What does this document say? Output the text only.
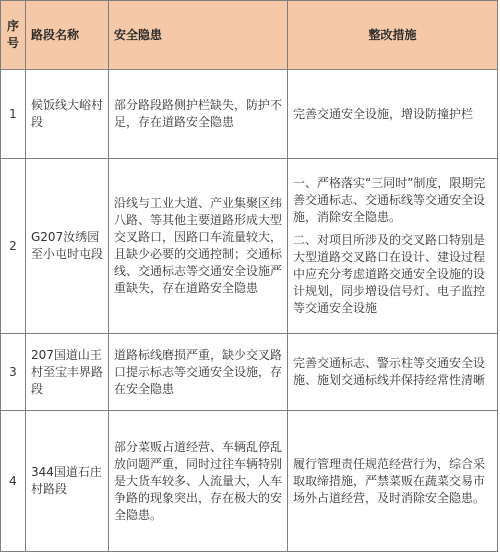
序号	路段名称	安全隐患	整改措施
1	候饭线大峪村段	部分路段路侧护栏缺失，防护不足，存在道路安全隐患	完善交通安全设施，增设防撞护栏

2	G207汝绣园至小屯时屯段	沿线与工业大道、产业集聚区纬八路、等其他主要道路形成大型交叉路口，因路口车流量较大，且缺少必要的交通控制；交通标线、交通标志等交通安全设施严重缺失，存在道路安全隐患	一、严格落实“三同时”制度，限期完善交通标志、交通标线等交通安全设施，消除安全隐患。

二、对项目所涉及的交叉路口特别是大型道路交叉路口在设计、建设过程中应充分考虑道路交通安全设施的设计规划，同步增设信号灯、电子监控等交通安全设施

3	207国道山王村至宝丰界路段	道路标线磨损严重，缺少交叉路口提示标志等交通安全设施，存在安全隐患	完善交通标志、警示柱等交通安全设施、施划交通标线并保持经常性清晰

4	344国道石庄村路段	部分菜贩占道经营、车辆乱停乱放问题严重，同时过往车辆特别是大货车较多、人流量大，人车争路的现象突出，存在极大的安全隐患。	履行管理责任规范经营行为，综合采取取缔措施，严禁菜贩在蔬菜交易市场外占道经营，及时消除安全隐患。
